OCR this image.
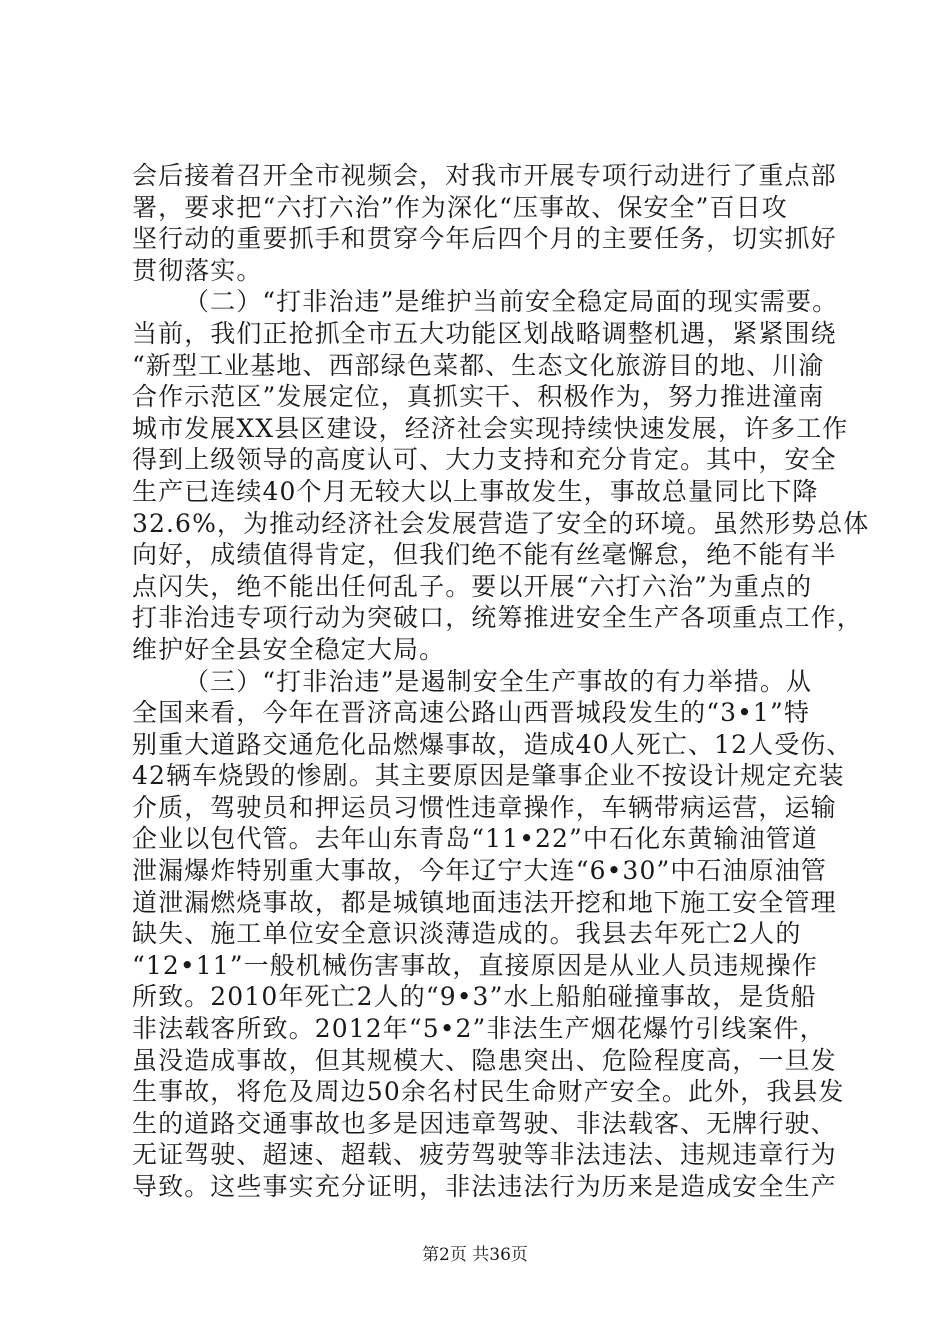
会后接着召开全市视频会，对我市开展专项行动进行了重点部
署，要求把“六打六治”作为深化“压事故、保安全”百日攻
坚行动的重要抓手和贯穿今年后四个月的主要任务，切实抓好
贯彻落实。
（二）“打非治违”是维护当前安全稳定局面的现实需要。
当前，我们正抢抓全市五大功能区划战略调整机遇，紧紧围绕
“新型工业基地、西部绿色菜都、生态文化旅游目的地、川渝
合作示范区”发展定位，真抓实干、积极作为，努力推进潼南
城市发展XX县区建设，经济社会实现持续快速发展，许多工作
得到上级领导的高度认可、大力支持和充分肯定。其中，安全
生产已连续40个月无较大以上事故发生，事故总量同比下降
32.6%，为推动经济社会发展营造了安全的环境。虽然形势总体
向好，成绩值得肯定，但我们绝不能有丝毫懈怠，绝不能有半
点闪失，绝不能出任何乱子。要以开展“六打六治”为重点的
打非治违专项行动为突破口，统筹推进安全生产各项重点工作，
维护好全县安全稳定大局。
（三）“打非治违”是遏制安全生产事故的有力举措。从
全国来看，今年在晋济高速公路山西晋城段发生的“3•1”特
别重大道路交通危化品燃爆事故，造成40人死亡、12人受伤、
42辆车烧毁的惨剧。其主要原因是肇事企业不按设计规定充装
介质，驾驶员和押运员习惯性违章操作，车辆带病运营，运输
企业以包代管。去年山东青岛“11•22”中石化东黄输油管道
泄漏爆炸特别重大事故，今年辽宁大连“6•30”中石油原油管
道泄漏燃烧事故，都是城镇地面违法开挖和地下施工安全管理
缺失、施工单位安全意识淡薄造成的。我县去年死亡2人的
“12•11”一般机械伤害事故，直接原因是从业人员违规操作
所致。2010年死亡2人的“9•3”水上船舶碰撞事故，是货船
非法载客所致。2012年“5•2”非法生产烟花爆竹引线案件，
虽没造成事故，但其规模大、隐患突出、危险程度高，一旦发
生事故，将危及周边50余名村民生命财产安全。此外，我县发
生的道路交通事故也多是因违章驾驶、非法载客、无牌行驶、
无证驾驶、超速、超载、疲劳驾驶等非法违法、违规违章行为
导致。这些事实充分证明，非法违法行为历来是造成安全生产
第2页 共36页
